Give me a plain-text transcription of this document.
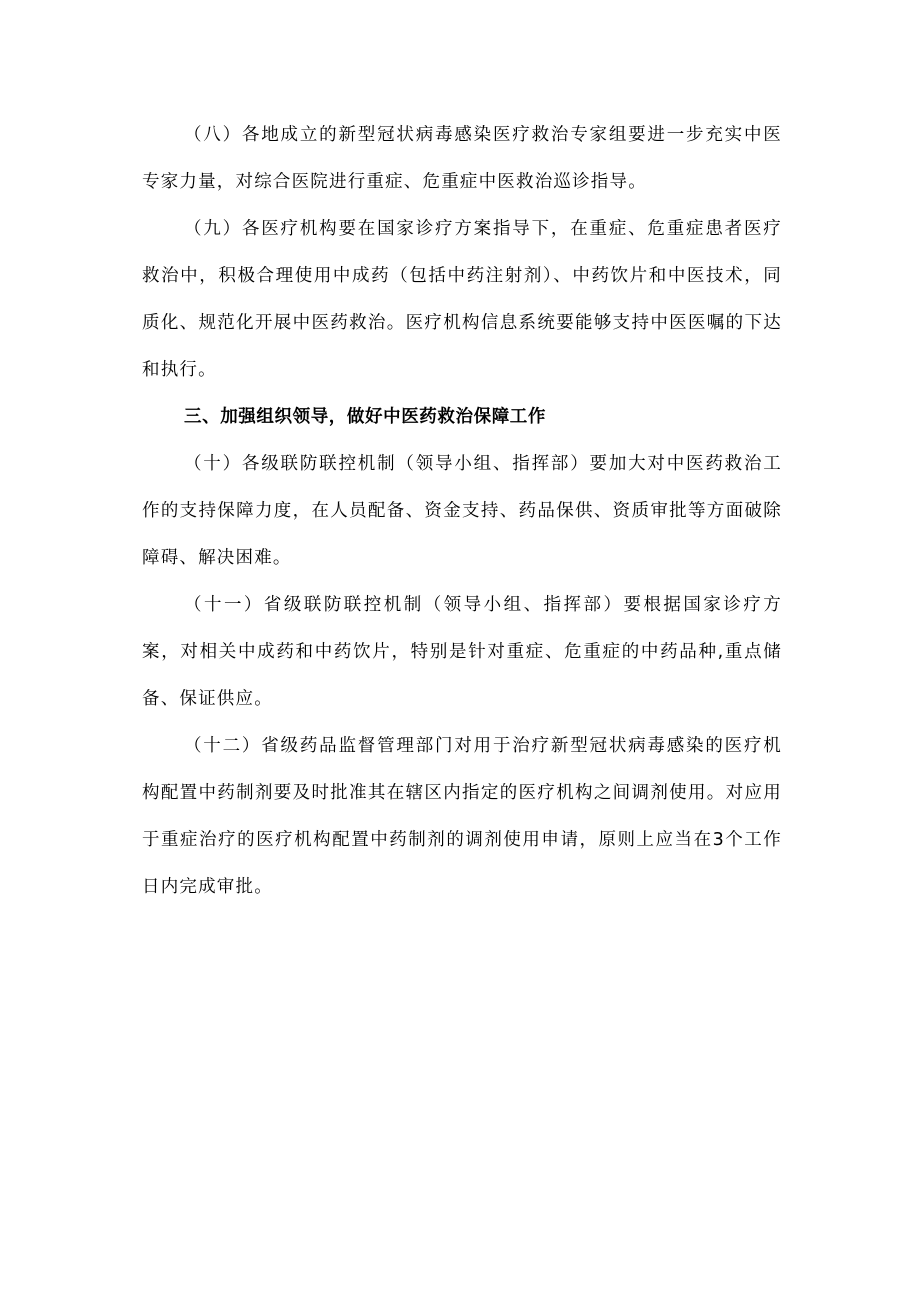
（八）各地成立的新型冠状病毒感染医疗救治专家组要进一步充实中医专家力量，对综合医院进行重症、危重症中医救治巡诊指导。

（九）各医疗机构要在国家诊疗方案指导下，在重症、危重症患者医疗救治中，积极合理使用中成药（包括中药注射剂）、中药饮片和中医技术，同质化、规范化开展中医药救治。医疗机构信息系统要能够支持中医医嘱的下达和执行。

三、加强组织领导，做好中医药救治保障工作

（十）各级联防联控机制（领导小组、指挥部）要加大对中医药救治工作的支持保障力度，在人员配备、资金支持、药品保供、资质审批等方面破除障碍、解决困难。

（十一）省级联防联控机制（领导小组、指挥部）要根据国家诊疗方案，对相关中成药和中药饮片，特别是针对重症、危重症的中药品种,重点储备、保证供应。

（十二）省级药品监督管理部门对用于治疗新型冠状病毒感染的医疗机构配置中药制剂要及时批准其在辖区内指定的医疗机构之间调剂使用。对应用于重症治疗的医疗机构配置中药制剂的调剂使用申请，原则上应当在3个工作日内完成审批。
